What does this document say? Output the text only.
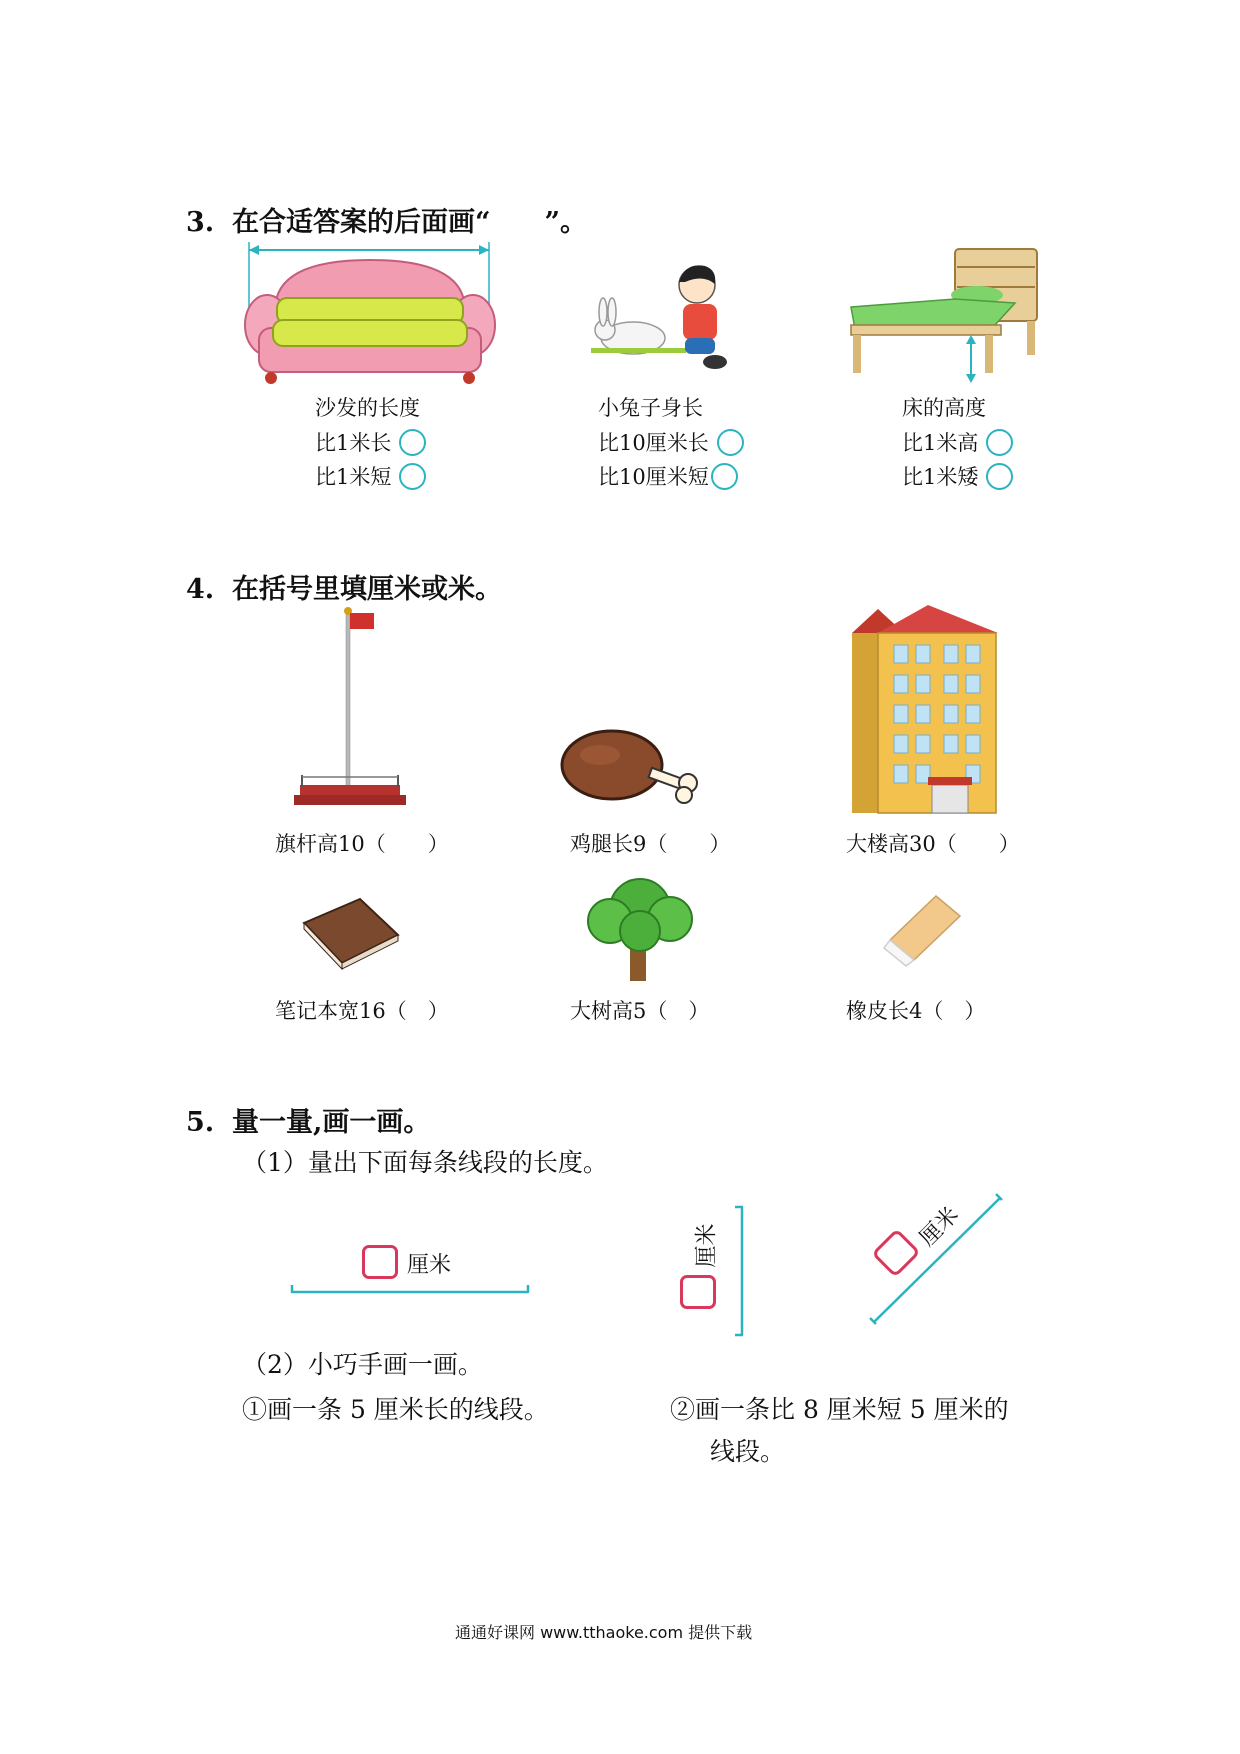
3. 在合适答案的后面画“　　”。
沙发的长度
比1米长
比1米短
小兔子身长
比10厘米长
比10厘米短
床的高度
比1米高
比1米矮
4. 在括号里填厘米或米。
旗杆高10（　　）	鸡腿长9（　　）	大楼高30（　　）
笔记本宽16（　）	大树高5（　）	橡皮长4（　）
5. 量一量,画一画。
（1）量出下面每条线段的长度。
厘米	厘米	厘米
（2）小巧手画一画。
①画一条 5 厘米长的线段。	②画一条比 8 厘米短 5 厘米的
线段。
通通好课网 www.tthaoke.com 提供下载
